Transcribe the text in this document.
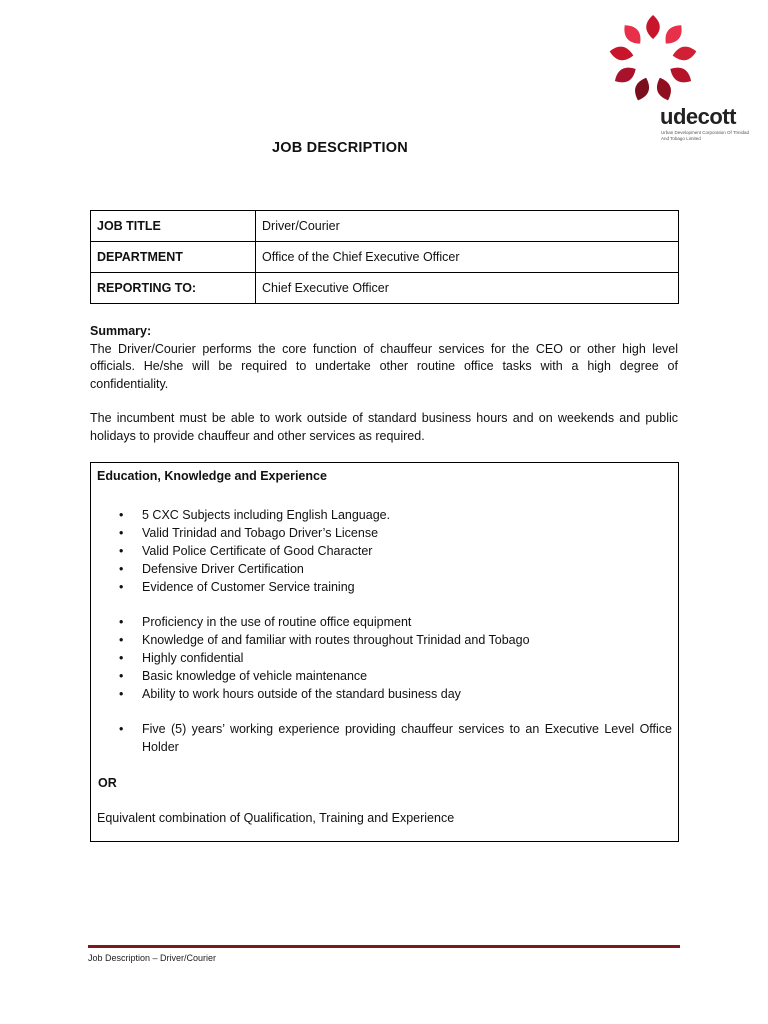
udecott
Urban Development Corporation Of Trinidad And Tobago Limited
JOB DESCRIPTION
JOB TITLE	Driver/Courier
DEPARTMENT	Office of the Chief Executive Officer
REPORTING TO:	Chief Executive Officer

Summary:

The Driver/Courier performs the core function of chauffeur services for the CEO or other high level officials. He/she will be required to undertake other routine office tasks with a high degree of confidentiality.

The incumbent must be able to work outside of standard business hours and on weekends and public holidays to provide chauffeur and other services as required.

Education, Knowledge and Experience

• 5 CXC Subjects including English Language.
• Valid Trinidad and Tobago Driver’s License
• Valid Police Certificate of Good Character
• Defensive Driver Certification
• Evidence of Customer Service training
• Proficiency in the use of routine office equipment
• Knowledge of and familiar with routes throughout Trinidad and Tobago
• Highly confidential
• Basic knowledge of vehicle maintenance
• Ability to work hours outside of the standard business day
• Five (5) years’ working experience providing chauffeur services to an Executive Level Office Holder

OR

Equivalent combination of Qualification, Training and Experience

Job Description – Driver/Courier
